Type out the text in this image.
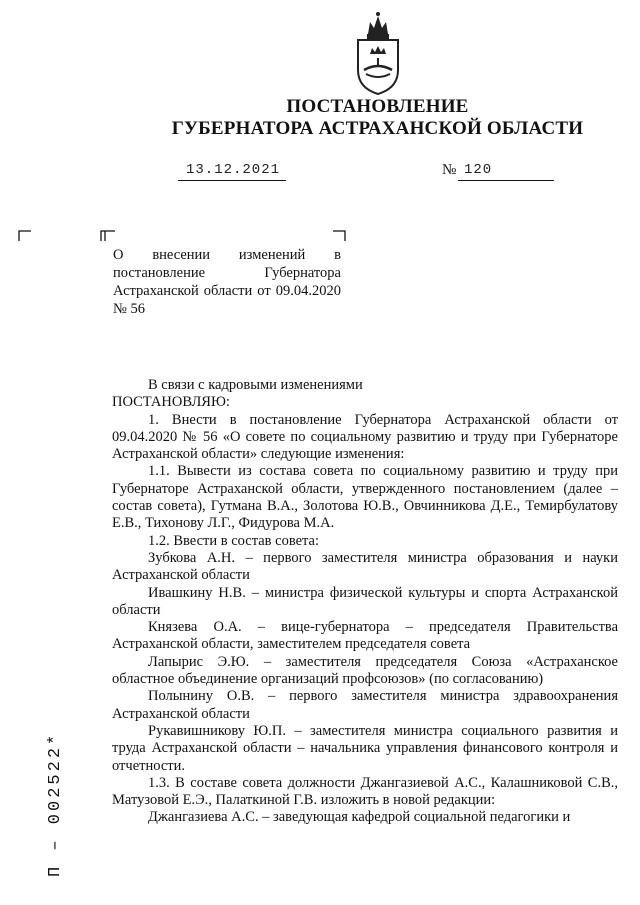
ПОСТАНОВЛЕНИЕ
ГУБЕРНАТОРА АСТРАХАНСКОЙ ОБЛАСТИ
13.12.2021	№ 120
О внесении изменений в постановление Губернатора Астраханской области от 09.04.2020 № 56

В связи с кадровыми изменениями

ПОСТАНОВЛЯЮ:

1. Внести в постановление Губернатора Астраханской области от 09.04.2020 № 56 «О совете по социальному развитию и труду при Губернаторе Астраханской области» следующие изменения:

1.1. Вывести из состава совета по социальному развитию и труду при Губернаторе Астраханской области, утвержденного постановлением (далее – состав совета), Гутмана В.А., Золотова Ю.В., Овчинникова Д.Е., Темирбулатову Е.В., Тихонову Л.Г., Фидурова М.А.

1.2. Ввести в состав совета:

Зубкова А.Н. – первого заместителя министра образования и науки Астраханской области

Ивашкину Н.В. – министра физической культуры и спорта Астраханской области

Князева О.А. – вице-губернатора – председателя Правительства Астраханской области, заместителем председателя совета

Лапырис Э.Ю. – заместителя председателя Союза «Астраханское областное объединение организаций профсоюзов» (по согласованию)

Полынину О.В. – первого заместителя министра здравоохранения Астраханской области

Рукавишникову Ю.П. – заместителя министра социального развития и труда Астраханской области – начальника управления финансового контроля и отчетности.

1.3. В составе совета должности Джангазиевой А.С., Калашниковой С.В., Матузовой Е.Э., Палаткиной Г.В. изложить в новой редакции:

Джангазиева А.С. – заведующая кафедрой социальной педагогики и

П – 002522*
